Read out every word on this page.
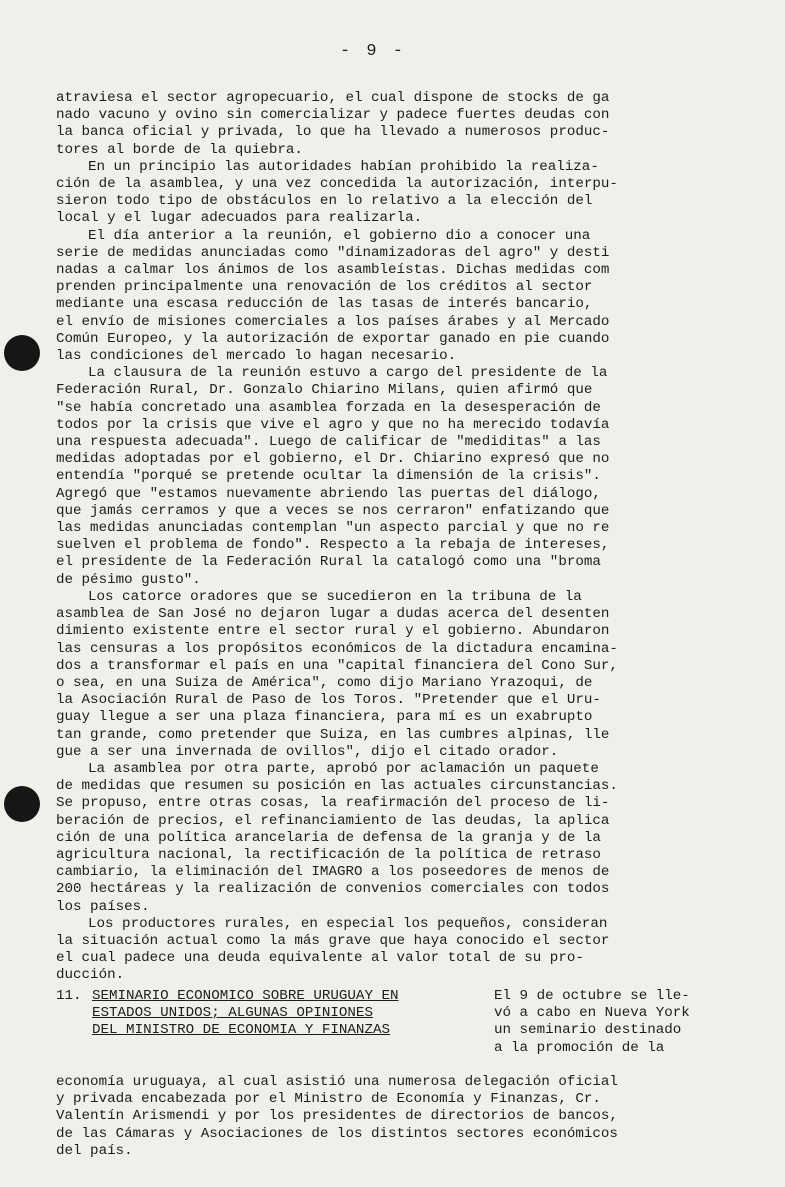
- 9 -
atraviesa el sector agropecuario, el cual dispone de stocks de ga
nado vacuno y ovino sin comercializar y padece fuertes deudas con
la banca oficial y privada, lo que ha llevado a numerosos produc-
tores al borde de la quiebra.
En un principio las autoridades habían prohibido la realiza-
ción de la asamblea, y una vez concedida la autorización, interpu-
sieron todo tipo de obstáculos en lo relativo a la elección del
local y el lugar adecuados para realizarla.
El día anterior a la reunión, el gobierno dio a conocer una
serie de medidas anunciadas como "dinamizadoras del agro" y desti
nadas a calmar los ánimos de los asambleístas. Dichas medidas com
prenden principalmente una renovación de los créditos al sector
mediante una escasa reducción de las tasas de interés bancario,
el envío de misiones comerciales a los países árabes y al Mercado
Común Europeo, y la autorización de exportar ganado en pie cuando
las condiciones del mercado lo hagan necesario.
La clausura de la reunión estuvo a cargo del presidente de la
Federación Rural, Dr. Gonzalo Chiarino Milans, quien afirmó que
"se había concretado una asamblea forzada en la desesperación de
todos por la crisis que vive el agro y que no ha merecido todavía
una respuesta adecuada". Luego de calificar de "mediditas" a las
medidas adoptadas por el gobierno, el Dr. Chiarino expresó que no
entendía "porqué se pretende ocultar la dimensión de la crisis".
Agregó que "estamos nuevamente abriendo las puertas del diálogo,
que jamás cerramos y que a veces se nos cerraron" enfatizando que
las medidas anunciadas contemplan "un aspecto parcial y que no re
suelven el problema de fondo". Respecto a la rebaja de intereses,
el presidente de la Federación Rural la catalogó como una "broma
de pésimo gusto".
Los catorce oradores que se sucedieron en la tribuna de la
asamblea de San José no dejaron lugar a dudas acerca del desenten
dimiento existente entre el sector rural y el gobierno. Abundaron
las censuras a los propósitos económicos de la dictadura encamina-
dos a transformar el país en una "capital financiera del Cono Sur,
o sea, en una Suiza de América", como dijo Mariano Yrazoqui, de
la Asociación Rural de Paso de los Toros. "Pretender que el Uru-
guay llegue a ser una plaza financiera, para mí es un exabrupto
tan grande, como pretender que Suiza, en las cumbres alpinas, lle
gue a ser una invernada de ovillos", dijo el citado orador.
La asamblea por otra parte, aprobó por aclamación un paquete
de medidas que resumen su posición en las actuales circunstancias.
Se propuso, entre otras cosas, la reafirmación del proceso de li-
beración de precios, el refinanciamiento de las deudas, la aplica
ción de una política arancelaria de defensa de la granja y de la
agricultura nacional, la rectificación de la política de retraso
cambiario, la eliminación del IMAGRO a los poseedores de menos de
200 hectáreas y la realización de convenios comerciales con todos
los países.
Los productores rurales, en especial los pequeños, consideran
la situación actual como la más grave que haya conocido el sector
el cual padece una deuda equivalente al valor total de su pro-
ducción.
11. SEMINARIO ECONOMICO SOBRE URUGUAY EN
ESTADOS UNIDOS; ALGUNAS OPINIONES
DEL MINISTRO DE ECONOMIA Y FINANZAS
El 9 de octubre se lle-
vó a cabo en Nueva York
un seminario destinado
a la promoción de la
economía uruguaya, al cual asistió una numerosa delegación oficial
y privada encabezada por el Ministro de Economía y Finanzas, Cr.
Valentín Arismendi y por los presidentes de directorios de bancos,
de las Cámaras y Asociaciones de los distintos sectores económicos
del país.
